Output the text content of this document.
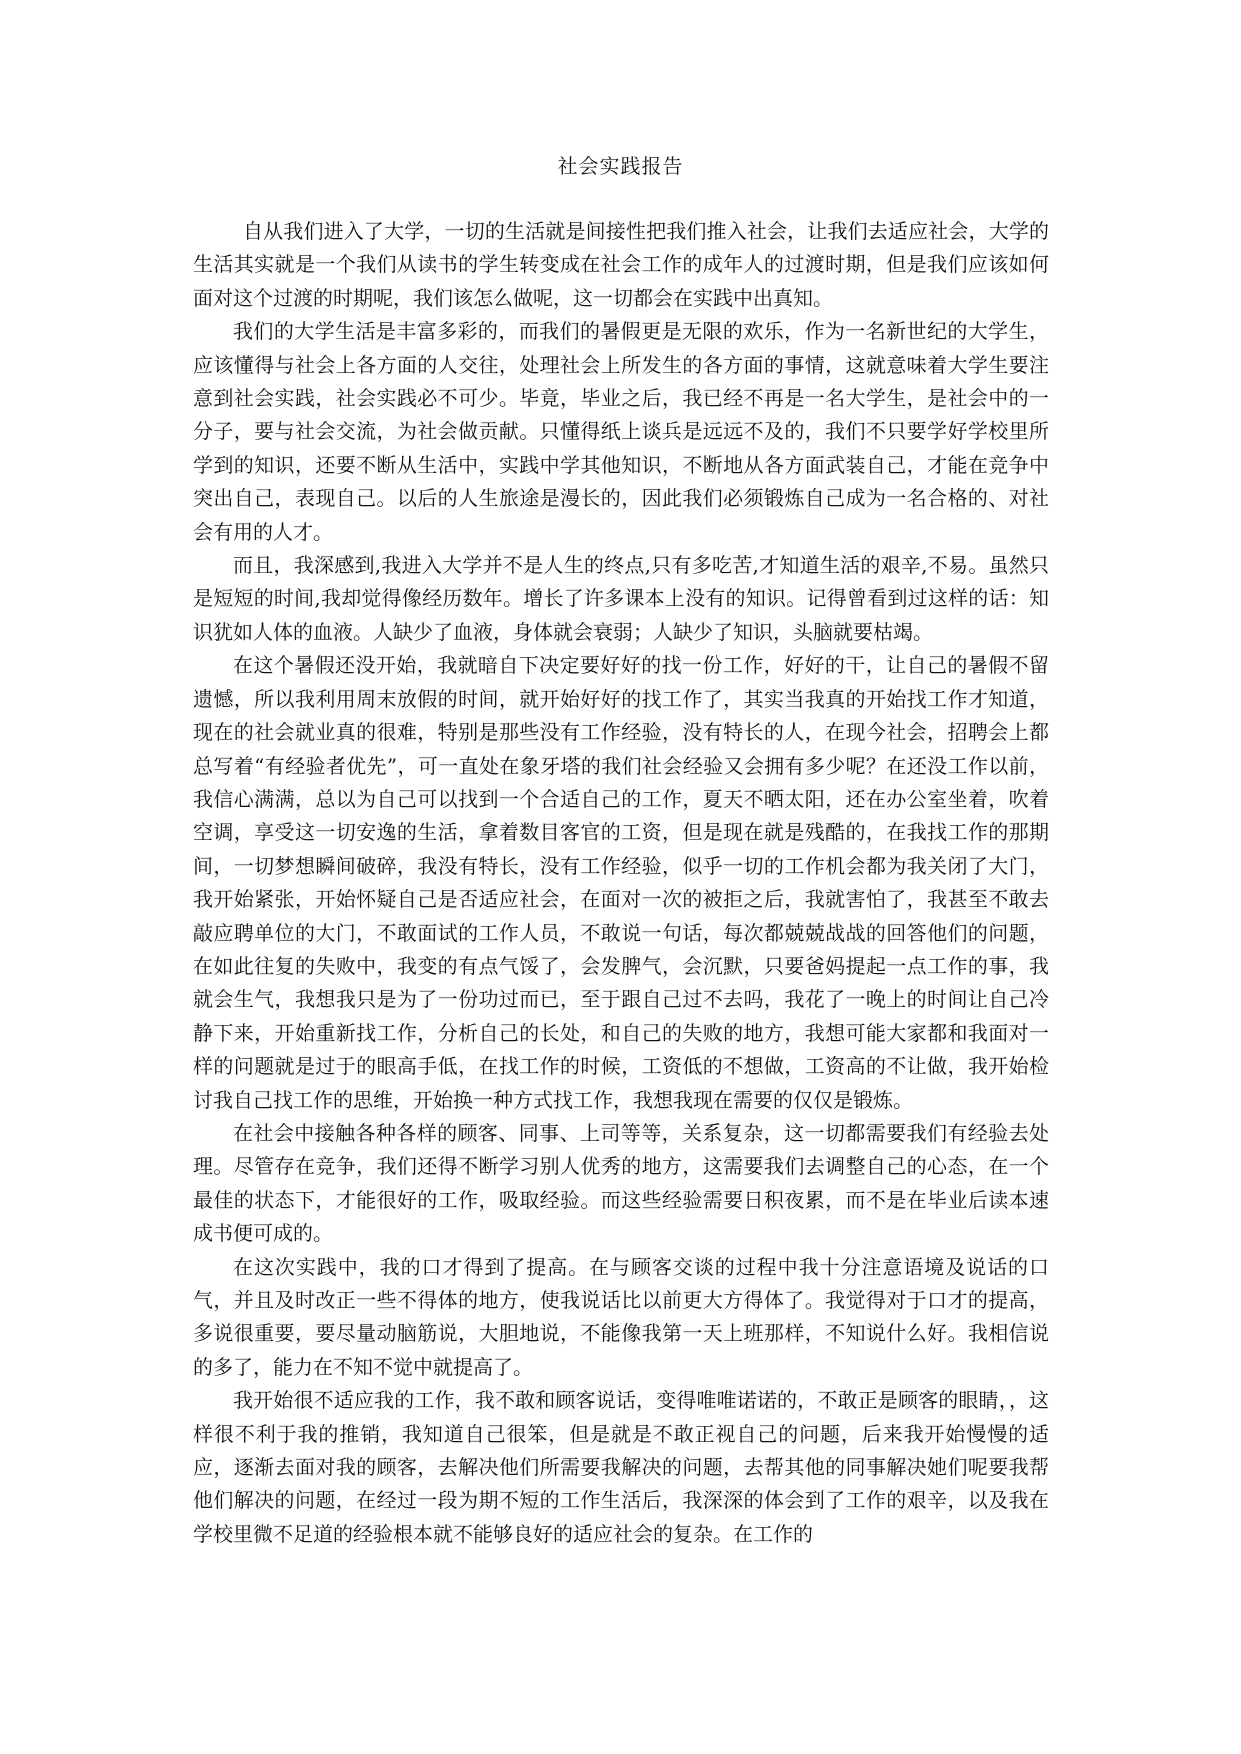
社会实践报告

自从我们进入了大学，一切的生活就是间接性把我们推入社会，让我们去适应社会，大学的生活其实就是一个我们从读书的学生转变成在社会工作的成年人的过渡时期，但是我们应该如何面对这个过渡的时期呢，我们该怎么做呢，这一切都会在实践中出真知。

我们的大学生活是丰富多彩的，而我们的暑假更是无限的欢乐，作为一名新世纪的大学生，应该懂得与社会上各方面的人交往，处理社会上所发生的各方面的事情，这就意味着大学生要注意到社会实践，社会实践必不可少。毕竟，毕业之后，我已经不再是一名大学生，是社会中的一分子，要与社会交流，为社会做贡献。只懂得纸上谈兵是远远不及的，我们不只要学好学校里所学到的知识，还要不断从生活中，实践中学其他知识，不断地从各方面武装自己，才能在竞争中突出自己，表现自己。以后的人生旅途是漫长的，因此我们必须锻炼自己成为一名合格的、对社会有用的人才。

而且，我深感到,我进入大学并不是人生的终点,只有多吃苦,才知道生活的艰辛,不易。虽然只是短短的时间,我却觉得像经历数年。增长了许多课本上没有的知识。记得曾看到过这样的话：知识犹如人体的血液。人缺少了血液，身体就会衰弱；人缺少了知识，头脑就要枯竭。

在这个暑假还没开始，我就暗自下决定要好好的找一份工作，好好的干，让自己的暑假不留遗憾，所以我利用周末放假的时间，就开始好好的找工作了，其实当我真的开始找工作才知道，现在的社会就业真的很难，特别是那些没有工作经验，没有特长的人，在现今社会，招聘会上都总写着“有经验者优先”，可一直处在象牙塔的我们社会经验又会拥有多少呢？在还没工作以前，我信心满满，总以为自己可以找到一个合适自己的工作，夏天不晒太阳，还在办公室坐着，吹着空调，享受这一切安逸的生活，拿着数目客官的工资，但是现在就是残酷的，在我找工作的那期间，一切梦想瞬间破碎，我没有特长，没有工作经验，似乎一切的工作机会都为我关闭了大门，我开始紧张，开始怀疑自己是否适应社会，在面对一次的被拒之后，我就害怕了，我甚至不敢去敲应聘单位的大门，不敢面试的工作人员，不敢说一句话，每次都兢兢战战的回答他们的问题，在如此往复的失败中，我变的有点气馁了，会发脾气，会沉默，只要爸妈提起一点工作的事，我就会生气，我想我只是为了一份功过而已，至于跟自己过不去吗，我花了一晚上的时间让自己冷静下来，开始重新找工作，分析自己的长处，和自己的失败的地方，我想可能大家都和我面对一样的问题就是过于的眼高手低，在找工作的时候，工资低的不想做，工资高的不让做，我开始检讨我自己找工作的思维，开始换一种方式找工作，我想我现在需要的仅仅是锻炼。

在社会中接触各种各样的顾客、同事、上司等等，关系复杂，这一切都需要我们有经验去处理。尽管存在竞争，我们还得不断学习别人优秀的地方，这需要我们去调整自己的心态，在一个最佳的状态下，才能很好的工作，吸取经验。而这些经验需要日积夜累，而不是在毕业后读本速成书便可成的。

在这次实践中，我的口才得到了提高。在与顾客交谈的过程中我十分注意语境及说话的口气，并且及时改正一些不得体的地方，使我说话比以前更大方得体了。我觉得对于口才的提高，多说很重要，要尽量动脑筋说，大胆地说，不能像我第一天上班那样，不知说什么好。我相信说的多了，能力在不知不觉中就提高了。

我开始很不适应我的工作，我不敢和顾客说话，变得唯唯诺诺的，不敢正是顾客的眼睛，，这样很不利于我的推销，我知道自己很笨，但是就是不敢正视自己的问题，后来我开始慢慢的适应，逐渐去面对我的顾客，去解决他们所需要我解决的问题，去帮其他的同事解决她们呢要我帮他们解决的问题，在经过一段为期不短的工作生活后，我深深的体会到了工作的艰辛，以及我在学校里微不足道的经验根本就不能够良好的适应社会的复杂。在工作的
